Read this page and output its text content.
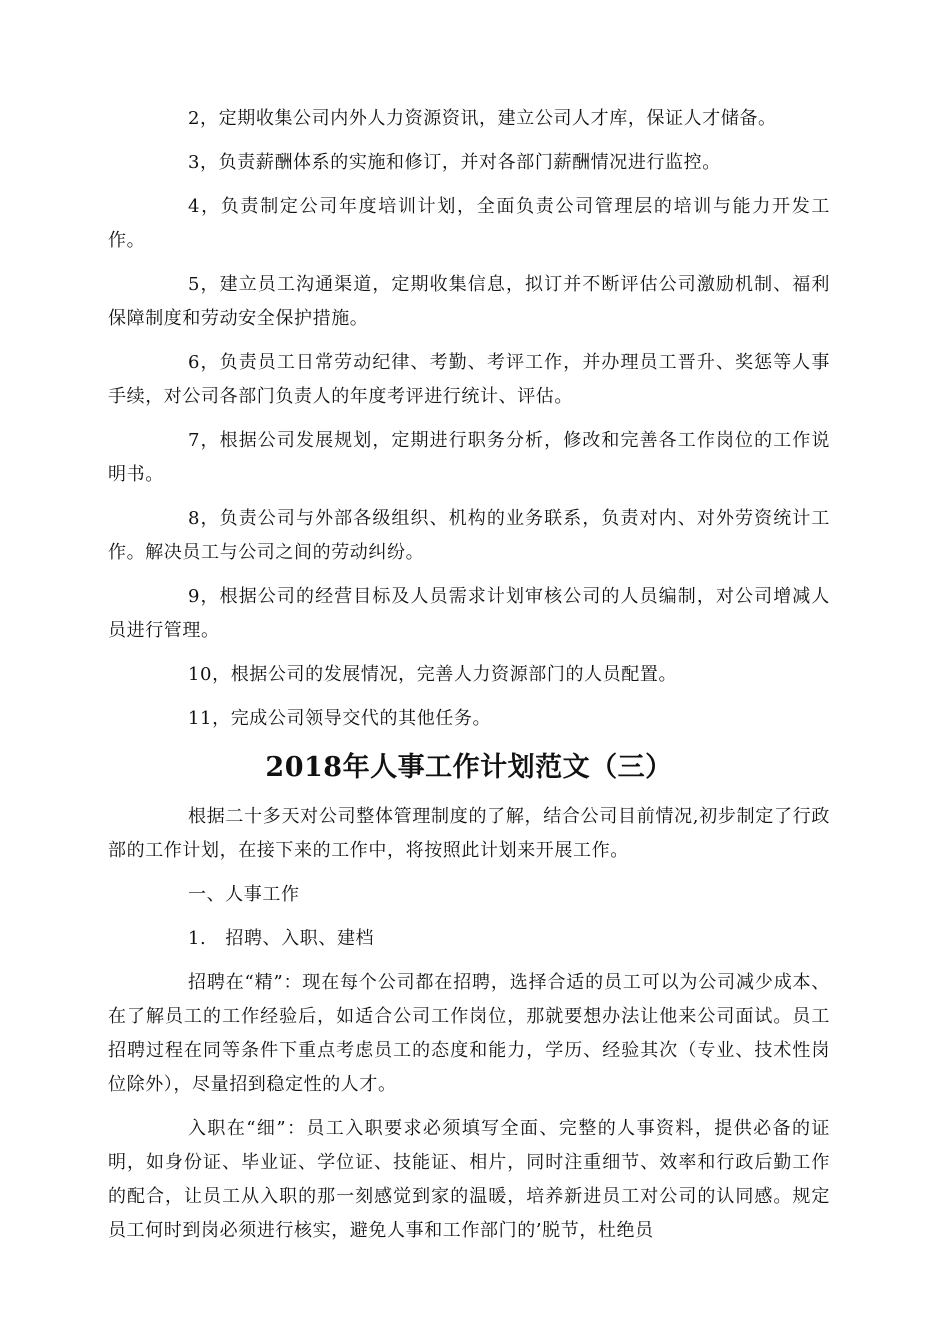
2，定期收集公司内外人力资源资讯，建立公司人才库，保证人才储备。

3，负责薪酬体系的实施和修订，并对各部门薪酬情况进行监控。

4，负责制定公司年度培训计划，全面负责公司管理层的培训与能力开发工作。

5，建立员工沟通渠道，定期收集信息，拟订并不断评估公司激励机制、福利保障制度和劳动安全保护措施。

6，负责员工日常劳动纪律、考勤、考评工作，并办理员工晋升、奖惩等人事手续，对公司各部门负责人的年度考评进行统计、评估。

7，根据公司发展规划，定期进行职务分析，修改和完善各工作岗位的工作说明书。

8，负责公司与外部各级组织、机构的业务联系，负责对内、对外劳资统计工作。解决员工与公司之间的劳动纠纷。

9，根据公司的经营目标及人员需求计划审核公司的人员编制，对公司增减人员进行管理。

10，根据公司的发展情况，完善人力资源部门的人员配置。

11，完成公司领导交代的其他任务。

2018年人事工作计划范文（三）

根据二十多天对公司整体管理制度的了解，结合公司目前情况,初步制定了行政部的工作计划，在接下来的工作中，将按照此计划来开展工作。

一、人事工作

1.   招聘、入职、建档

招聘在“精”：现在每个公司都在招聘，选择合适的员工可以为公司减少成本、在了解员工的工作经验后，如适合公司工作岗位，那就要想办法让他来公司面试。员工招聘过程在同等条件下重点考虑员工的态度和能力，学历、经验其次（专业、技术性岗位除外），尽量招到稳定性的人才。

入职在“细”：员工入职要求必须填写全面、完整的人事资料，提供必备的证明，如身份证、毕业证、学位证、技能证、相片，同时注重细节、效率和行政后勤工作的配合，让员工从入职的那一刻感觉到家的温暖，培养新进员工对公司的认同感。规定员工何时到岗必须进行核实，避免人事和工作部门的’脱节，杜绝员
